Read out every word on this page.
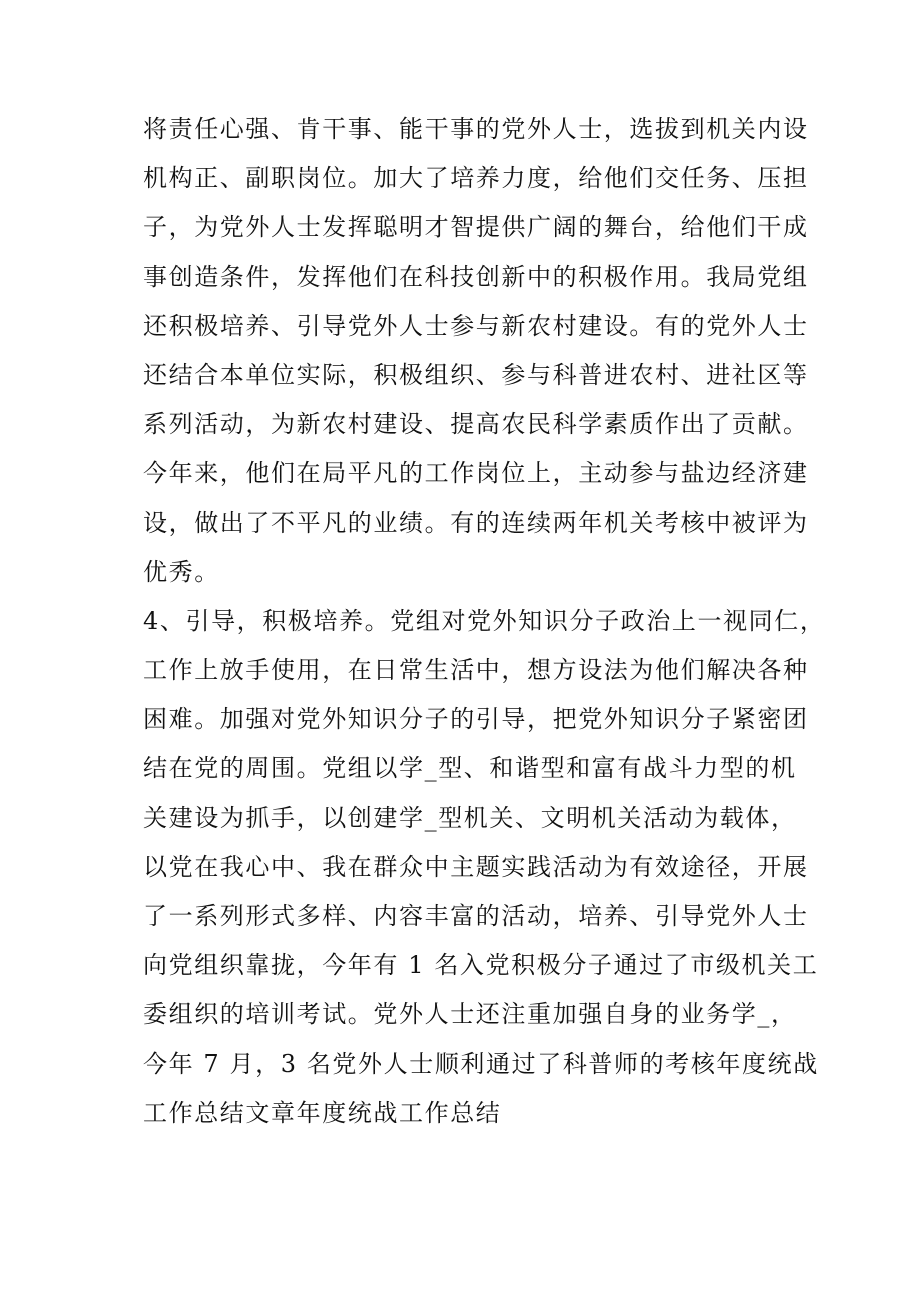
将责任心强、肯干事、能干事的党外人士，选拔到机关内设
机构正、副职岗位。加大了培养力度，给他们交任务、压担
子，为党外人士发挥聪明才智提供广阔的舞台，给他们干成
事创造条件，发挥他们在科技创新中的积极作用。我局党组
还积极培养、引导党外人士参与新农村建设。有的党外人士
还结合本单位实际，积极组织、参与科普进农村、进社区等
系列活动，为新农村建设、提高农民科学素质作出了贡献。
今年来，他们在局平凡的工作岗位上，主动参与盐边经济建
设，做出了不平凡的业绩。有的连续两年机关考核中被评为
优秀。
4、引导，积极培养。党组对党外知识分子政治上一视同仁，
工作上放手使用，在日常生活中，想方设法为他们解决各种
困难。加强对党外知识分子的引导，把党外知识分子紧密团
结在党的周围。党组以学_型、和谐型和富有战斗力型的机
关建设为抓手，以创建学_型机关、文明机关活动为载体，
以党在我心中、我在群众中主题实践活动为有效途径，开展
了一系列形式多样、内容丰富的活动，培养、引导党外人士
向党组织靠拢，今年有 1 名入党积极分子通过了市级机关工
委组织的培训考试。党外人士还注重加强自身的业务学_，
今年 7 月，3 名党外人士顺利通过了科普师的考核年度统战
工作总结文章年度统战工作总结
